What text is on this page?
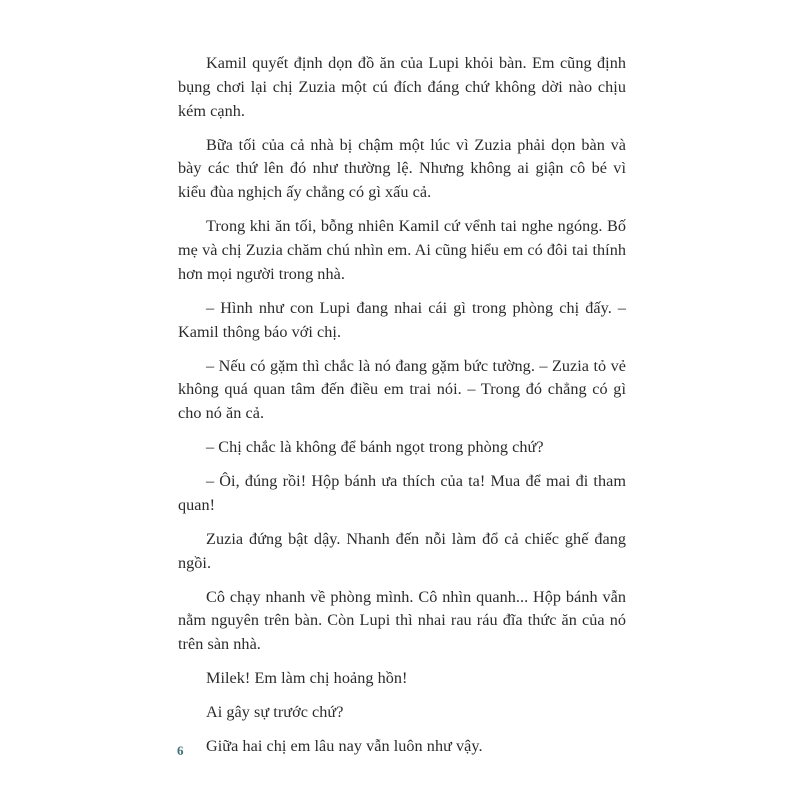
Kamil quyết định dọn đồ ăn của Lupi khỏi bàn. Em cũng định bụng chơi lại chị Zuzia một cú đích đáng chứ không dời nào chịu kém cạnh.

Bữa tối của cả nhà bị chậm một lúc vì Zuzia phải dọn bàn và bày các thứ lên đó như thường lệ. Nhưng không ai giận cô bé vì kiểu đùa nghịch ấy chẳng có gì xấu cả.

Trong khi ăn tối, bỗng nhiên Kamil cứ vểnh tai nghe ngóng. Bố mẹ và chị Zuzia chăm chú nhìn em. Ai cũng hiểu em có đôi tai thính hơn mọi người trong nhà.

– Hình như con Lupi đang nhai cái gì trong phòng chị đấy. – Kamil thông báo với chị.

– Nếu có gặm thì chắc là nó đang gặm bức tường. – Zuzia tỏ vẻ không quá quan tâm đến điều em trai nói. – Trong đó chẳng có gì cho nó ăn cả.

– Chị chắc là không để bánh ngọt trong phòng chứ?

– Ôi, đúng rồi! Hộp bánh ưa thích của ta! Mua để mai đi tham quan!

Zuzia đứng bật dậy. Nhanh đến nỗi làm đổ cả chiếc ghế đang ngồi.

Cô chạy nhanh về phòng mình. Cô nhìn quanh... Hộp bánh vẫn nằm nguyên trên bàn. Còn Lupi thì nhai rau ráu đĩa thức ăn của nó trên sàn nhà.

Milek! Em làm chị hoảng hồn!

Ai gây sự trước chứ?

Giữa hai chị em lâu nay vẫn luôn như vậy.

6
